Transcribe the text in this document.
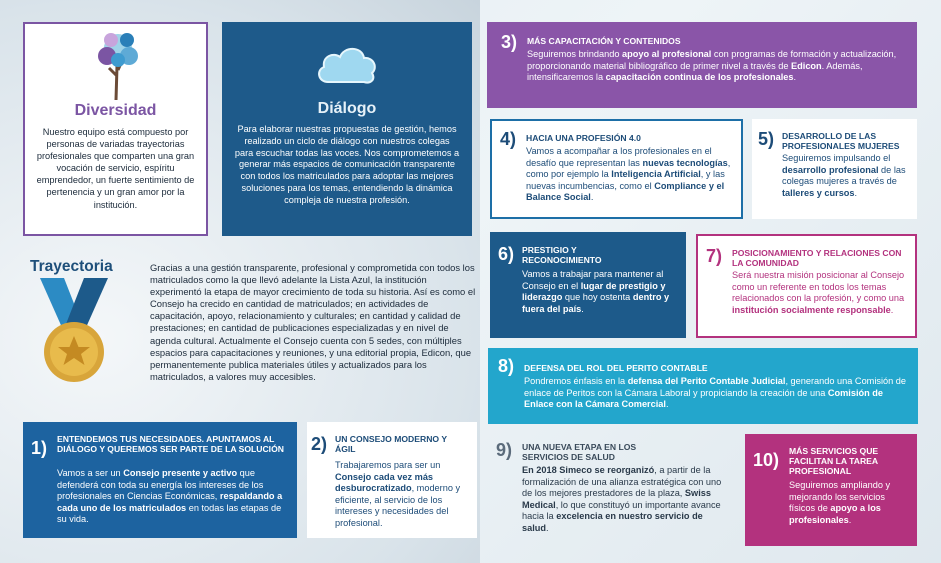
Diversidad
Nuestro equipo está compuesto por personas de variadas trayectorias profesionales que comparten una gran vocación de servicio, espíritu emprendedor, un fuerte sentimiento de pertenencia y un gran amor por la institución.
Diálogo
Para elaborar nuestras propuestas de gestión, hemos realizado un ciclo de diálogo con nuestros colegas para escuchar todas las voces. Nos comprometemos a generar más espacios de comunicación transparente con todos los matriculados para adoptar las mejores soluciones para los temas, entendiendo la dinámica compleja de nuestra profesión.
Trayectoria	Gracias a una gestión transparente, profesional y comprometida con todos los matriculados como la que llevó adelante la Lista Azul, la institución experimentó la etapa de mayor crecimiento de toda su historia. Así es como el Consejo ha crecido en cantidad de matriculados; en actividades de capacitación, apoyo, relacionamiento y culturales; en cantidad y calidad de prestaciones; en cantidad de publicaciones especializadas y en nivel de agenda cultural. Actualmente el Consejo cuenta con 5 sedes, con múltiples espacios para capacitaciones y reuniones, y una editorial propia, Edicon, que permanentemente publica materiales útiles y actualizados para los matriculados, a valores muy accesibles.
3) MÁS CAPACITACIÓN Y CONTENIDOS
Seguiremos brindando apoyo al profesional con programas de formación y actualización, proporcionando material bibliográfico de primer nivel a través de Edicon. Además, intensificaremos la capacitación continua de los profesionales.
4) HACIA UNA PROFESIÓN 4.0
Vamos a acompañar a los profesionales en el desafío que representan las nuevas tecnologías, como por ejemplo la Inteligencia Artificial, y las nuevas incumbencias, como el Compliance y el Balance Social.
5) DESARROLLO DE LAS PROFESIONALES MUJERES
Seguiremos impulsando el desarrollo profesional de las colegas mujeres a través de talleres y cursos.
6) PRESTIGIO Y RECONOCIMIENTO
Vamos a trabajar para mantener al Consejo en el lugar de prestigio y liderazgo que hoy ostenta dentro y fuera del país.
7) POSICIONAMIENTO Y RELACIONES CON LA COMUNIDAD
Será nuestra misión posicionar al Consejo como un referente en todos los temas relacionados con la profesión, y como una institución socialmente responsable.
8) DEFENSA DEL ROL DEL PERITO CONTABLE
Pondremos énfasis en la defensa del Perito Contable Judicial, generando una Comisión de enlace de Peritos con la Cámara Laboral y propiciando la creación de una Comisión de Enlace con la Cámara Comercial.
9) UNA NUEVA ETAPA EN LOS SERVICIOS DE SALUD
En 2018 Simeco se reorganizó, a partir de la formalización de una alianza estratégica con uno de los mejores prestadores de la plaza, Swiss Medical, lo que constituyó un importante avance hacia la excelencia en nuestro servicio de salud.
10) MÁS SERVICIOS QUE FACILITAN LA TAREA PROFESIONAL
Seguiremos ampliando y mejorando los servicios físicos de apoyo a los profesionales.
1) ENTENDEMOS TUS NECESIDADES. APUNTAMOS AL DIÁLOGO Y QUEREMOS SER PARTE DE LA SOLUCIÓN
Vamos a ser un Consejo presente y activo que defenderá con toda su energía los intereses de los profesionales en Ciencias Económicas, respaldando a cada uno de los matriculados en todas las etapas de su vida.
2) UN CONSEJO MODERNO Y ÁGIL
Trabajaremos para ser un Consejo cada vez más desburocratizado, moderno y eficiente, al servicio de los intereses y necesidades del profesional.
